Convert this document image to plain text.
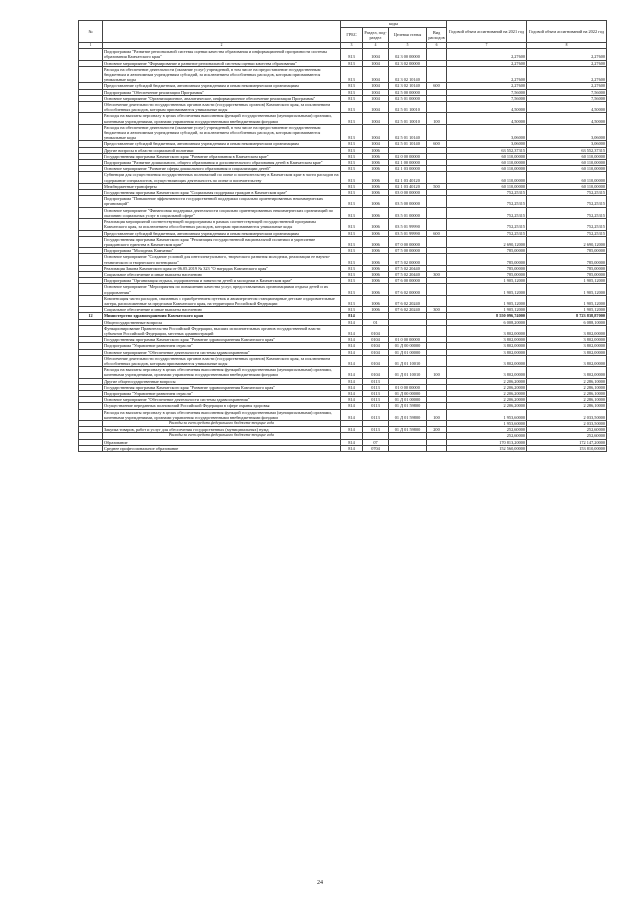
№		коды				Годовой объем ассигнований на 2021 год	Годовой объем ассигнований на 2022 год
		ГРБС	Раздел, под-раздел	Целевая статья	Вид расходов		
1	2	3	4	5	6	7	8
	Подпрограмма "Развитие региональной системы оценки качества образования и информационной прозрачности системы образования Камчатского края"	813	1004	02 3 00 00000		2,27600	2,27600
	Основное мероприятие "Формирование и развитие региональной системы оценки качества образования"	813	1004	02 3 02 00000		2,27600	2,27600
	Расходы на обеспечение деятельности (оказание услуг) учреждений, в том числе на предоставление государственным бюджетным и автономным учреждениям субсидий, за исключением обособленных расходов, которым присваиваются уникальные коды	813	1004	02 3 02 10140		2,27600	2,27600
	Предоставление субсидий бюджетным, автономным учреждениям и иным некоммерческим организациям	813	1004	02 3 02 10140	600	2,27600	2,27600
	Подпрограмма "Обеспечение реализации Программы"	813	1004	02 5 00 00000		7,56000	7,56000
	Основное мероприятие "Организационное, аналитическое, информационное обеспечение реализации Программы"	813	1004	02 5 01 00000		7,56000	7,56000
	Обеспечение деятельности государственных органов власти (государственных органов) Камчатского края, за исключением обособленных расходов, которым присваиваются уникальные коды	813	1004	02 5 01 10010		4,50000	4,50000
	Расходы на выплаты персоналу в целях обеспечения выполнения функций государственными (муниципальными) органами, казенными учреждениями, органами управления государственными внебюджетными фондами	813	1004	02 5 01 10010	100	4,50000	4,50000
	Расходы на обеспечение деятельности (оказание услуг) учреждений, в том числе на предоставление государственным бюджетным и автономным учреждениям субсидий, за исключением обособленных расходов, которым присваиваются уникальные коды	813	1004	02 5 01 10140		3,06000	3,06000
	Предоставление субсидий бюджетным, автономным учреждениям и иным некоммерческим организациям	813	1004	02 5 01 10140	600	3,06000	3,06000
	Другие вопросы в области социальной политики	813	1006			63 552,37315	63 552,37315
	Государственная программа Камчатского края "Развитие образования в Камчатском крае"	813	1006	02 0 00 00000		60 110,00000	60 110,00000
	Подпрограмма "Развитие дошкольного, общего образования и дополнительного образования детей в Камчатском крае"	813	1006	02 1 00 00000		60 110,00000	60 110,00000
	Основное мероприятие "Развитие сферы дошкольного образования и социализации детей"	813	1006	02 1 03 00000		60 110,00000	60 110,00000
	Субвенции для осуществления государственных полномочий по опеке и попечительству в Камчатском крае в части расходов на содержание специалистов, осуществляющих деятельность по опеке и попечительству	813	1006	02 1 03 40120		60 110,00000	60 110,00000
	Межбюджетные трансферты	813	1006	02 1 03 40120	500	60 110,00000	60 110,00000
	Государственная программа Камчатского края "Социальная поддержка граждан в Камчатском крае"	813	1006	03 0 00 00000		752,25315	752,25315
	Подпрограмма "Повышение эффективности государственной поддержки социально ориентированных некоммерческих организаций"	813	1006	03 5 00 00000		752,25315	752,25315
	Основное мероприятие "Финансовая поддержка деятельности социально ориентированных некоммерческих организаций по оказанию социальных услуг в социальной сфере"	813	1006	03 5 01 00000		752,25315	752,25315
	Реализация мероприятий соответствующей подпрограммы в рамках соответствующей государственной программы Камчатского края, за исключением обособленных расходов, которым присваиваются уникальные коды	813	1006	03 5 01 99990		752,25315	752,25315
	Предоставление субсидий бюджетным, автономным учреждениям и иным некоммерческим организациям	813	1006	03 5 01 99990	600	752,25315	752,25315
	Государственная программа Камчатского края "Реализация государственной национальной политики и укрепление гражданского единства в Камчатском крае"	813	1006	07 0 00 00000		2 690,12000	2 690,12000
	Подпрограмма "Молодежь Камчатки"	813	1006	07 5 00 00000		785,00000	785,00000
	Основное мероприятие "Создание условий для интеллектуального, творческого развития молодежи, реализации ее научно-технического и творческого потенциала"	813	1006	07 5 02 00000		785,00000	785,00000
	Реализация Закона Камчатского края от 06.05.2019 № 323 "О наградах Камчатского края"	813	1006	07 5 02 20440		785,00000	785,00000
	Социальное обеспечение и иные выплаты населению	813	1006	07 5 02 20440	300	785,00000	785,00000
	Подпрограмма "Организация отдыха, оздоровления и занятости детей и молодежи в Камчатском крае"	813	1006	07 6 00 00000		1 905,12000	1 905,12000
	Основное мероприятие "Мероприятия по повышению качества услуг, предоставляемых организациями отдыха детей и их оздоровления"	813	1006	07 6 02 00000		1 905,12000	1 905,12000
	Компенсация части расходов, связанных с приобретением путевок и авиаперелетом станционарные детские оздоровительные лагеря, расположенные за пределами Камчатского края, на территории Российской Федерации	813	1006	07 6 02 20240		1 905,12000	1 905,12000
	Социальное обеспечение и иные выплаты населению	813	1006	07 6 02 20240	300	1 905,12000	1 905,12000
12	Министерство здравоохранения Камчатского края	814				8 550 096,74000	8 723 838,87000
	Общегосударственные вопросы	814	01			6 008,20000	6 088,10000
	Функционирование Правительства Российской Федерации, высших исполнительных органов государственной власти субъектов Российской Федерации, местных администраций	814	0104			3 802,00000	3 802,00000
	Государственная программа Камчатского края "Развитие здравоохранения Камчатского края"	814	0104	01 0 00 00000		3 802,00000	3 802,00000
	Подпрограмма "Управление развитием отрасли"	814	0104	01 Д 00 00000		3 802,00000	3 802,00000
	Основное мероприятие "Обеспечение деятельности системы здравоохранения"	814	0104	01 Д 01 00000		3 802,00000	3 802,00000
	Обеспечение деятельности государственных органов власти (государственных органов) Камчатского края, за исключением обособленных расходов, которым присваиваются уникальные коды	814	0104	01 Д 01 10010		3 802,00000	3 802,00000
	Расходы на выплаты персоналу в целях обеспечения выполнения функций государственными (муниципальными) органами, казенными учреждениями, органами управления государственными внебюджетными фондами	814	0104	01 Д 01 10010	100	3 802,00000	3 802,00000
	Другие общегосударственные вопросы	814	0113			2 206,20000	2 286,10000
	Государственная программа Камчатского края "Развитие здравоохранения Камчатского края"	814	0113	01 0 00 00000		2 206,20000	2 286,10000
	Подпрограмма "Управление развитием отрасли"	814	0113	01 Д 00 00000		2 206,20000	2 286,10000
	Основное мероприятие "Обеспечение деятельности системы здравоохранения"	814	0113	01 Д 01 00000		2 206,20000	2 286,10000
	Осуществление переданных полномочий Российской Федерации в сфере охраны здоровья	814	0113	01 Д 01 59800		2 206,20000	2 286,10000
	Расходы на выплаты персоналу в целях обеспечения выполнения функций государственными (муниципальными) органами, казенными учреждениями, органами управления государственными внебюджетными фондами	814	0113	01 Д 01 59800	100	1 953,60000	2 033,50000
	Расходы за счет средств федерального бюджета-текущие года					1 953,60000	2 033,50000
	Закупка товаров, работ и услуг для обеспечения государственных (муниципальных) нужд	814	0113	01 Д 01 59800	200	252,60000	252,60000
	Расходы за счет средств федерального бюджета-текущие года					252,60000	252,60000
	Образование	814	07			170 813,20000	172 147,20000
	Среднее профессиональное образование	814	0704			152 560,00000	153 810,00000
24
